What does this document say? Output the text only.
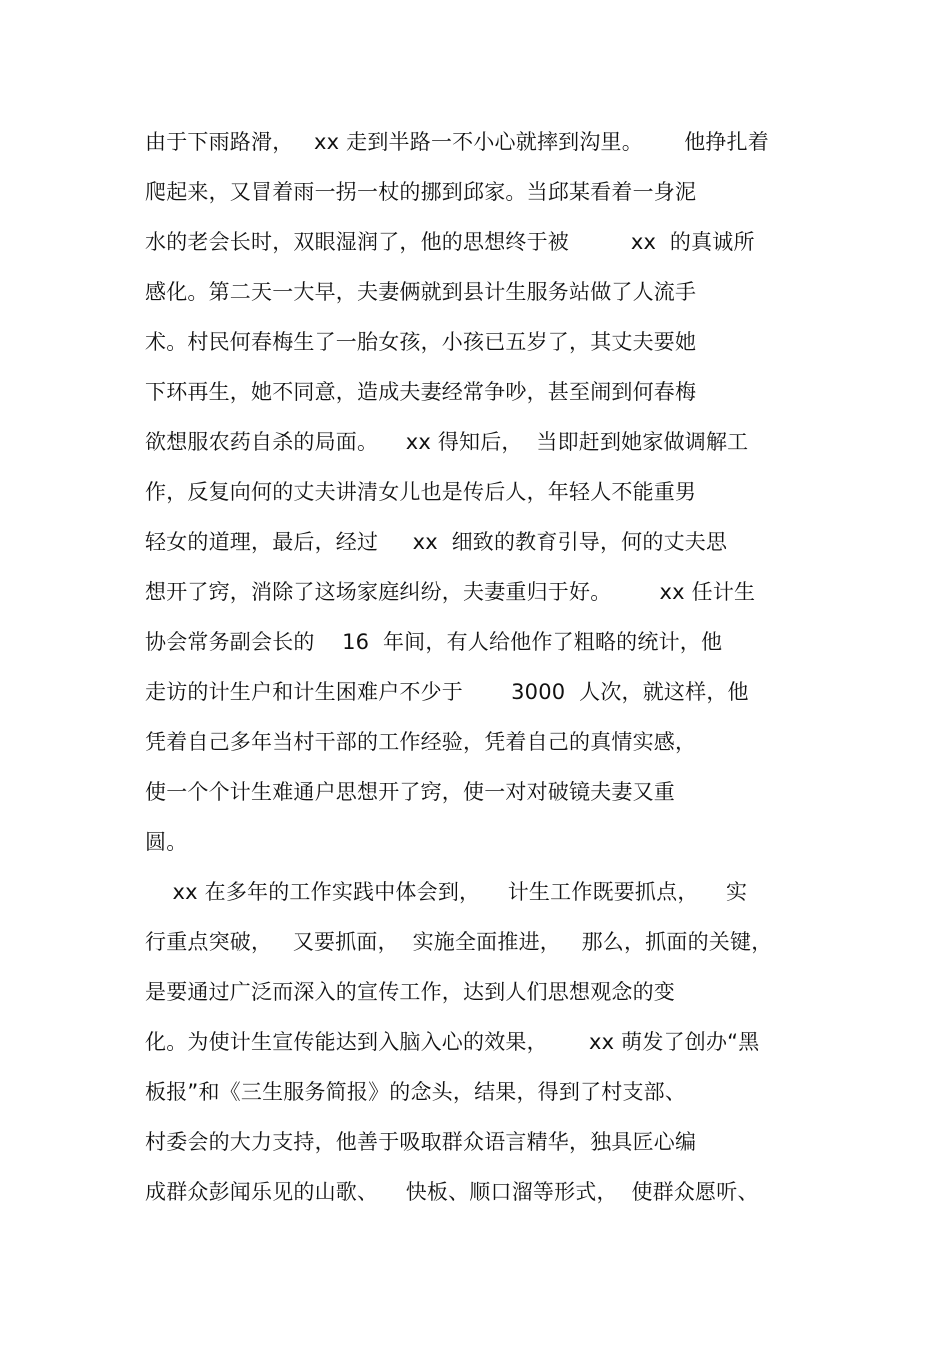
由于下雨路滑，   xx 走到半路一不小心就摔到沟里。      他挣扎着
爬起来，又冒着雨一拐一杖的挪到邱家。当邱某看着一身泥
水的老会长时，双眼湿润了，他的思想终于被         xx  的真诚所
感化。第二天一大早，夫妻俩就到县计生服务站做了人流手
术。村民何春梅生了一胎女孩，小孩已五岁了，其丈夫要她
下环再生，她不同意，造成夫妻经常争吵，甚至闹到何春梅
欲想服农药自杀的局面。    xx 得知后，  当即赶到她家做调解工
作，反复向何的丈夫讲清女儿也是传后人，年轻人不能重男
轻女的道理，最后，经过     xx  细致的教育引导，何的丈夫思
想开了窍，消除了这场家庭纠纷，夫妻重归于好。       xx 任计生
协会常务副会长的    16  年间，有人给他作了粗略的统计，他
走访的计生户和计生困难户不少于       3000  人次，就这样，他
凭着自己多年当村干部的工作经验，凭着自己的真情实感，
使一个个计生难通户思想开了窍，使一对对破镜夫妻又重
圆。
xx 在多年的工作实践中体会到，    计生工作既要抓点，    实
行重点突破，   又要抓面，  实施全面推进，   那么，抓面的关键，
是要通过广泛而深入的宣传工作，达到人们思想观念的变
化。为使计生宣传能达到入脑入心的效果，      xx 萌发了创办“黑
板报”和《三生服务简报》的念头，结果，得到了村支部、
村委会的大力支持，他善于吸取群众语言精华，独具匠心编
成群众彭闻乐见的山歌、    快板、顺口溜等形式，  使群众愿听、
